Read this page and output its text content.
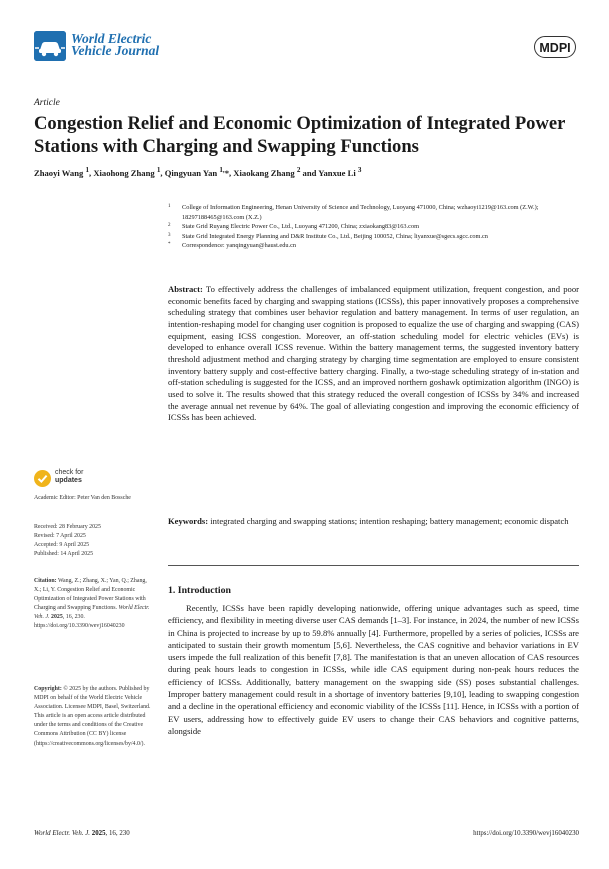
World Electric
Vehicle Journal	MDPI
Article
Congestion Relief and Economic Optimization of Integrated Power Stations with Charging and Swapping Functions
Zhaoyi Wang $^1$, Xiaohong Zhang $^1$, Qingyuan Yan $^{1,}$*, Xiaokang Zhang $^2$ and Yanxue Li $^3$
1 College of Information Engineering, Henan University of Science and Technology, Luoyang 471000, China; wzhaoyi1219@163.com (Z.W.); 18297188465@163.com (X.Z.)
2 State Grid Ruyang Electric Power Co., Ltd., Luoyang 471200, China; zxiaokang83@163.com
3 State Grid Integrated Energy Planning and D&R Institute Co., Ltd., Beijing 100052, China; liyanxue@sgecs.sgcc.com.cn
* Correspondence: yanqingyuan@haust.edu.cn
Abstract: To effectively address the challenges of imbalanced equipment utilization, frequent congestion, and poor economic benefits faced by charging and swapping stations (ICSSs), this paper innovatively proposes a comprehensive scheduling strategy that combines user behavior regulation and battery management. In terms of user regulation, an intention-reshaping model for changing user cognition is proposed to equalize the use of charging and swapping (CAS) equipment, easing ICSS congestion. Moreover, an off-station scheduling model for electric vehicles (EVs) is developed to enhance overall ICSS revenue. Within the battery management terms, the suggested inventory battery threshold adjustment method and charging strategy by charging time segmentation are employed to ensure consistent inventory battery supply and cost-effective battery charging. Finally, a two-stage scheduling strategy of in-station and off-station scheduling is suggested for the ICSS, and an improved northern goshawk optimization algorithm (INGO) is used to solve it. The results showed that this strategy reduced the overall congestion of ICSSs by 34% and increased the average annual net revenue by 64%. The goal of alleviating congestion and improving the economic efficiency of ICSSs has been achieved.
Keywords: integrated charging and swapping stations; intention reshaping; battery management; economic dispatch
1. Introduction

Recently, ICSSs have been rapidly developing nationwide, offering unique advantages such as speed, time efficiency, and flexibility in meeting diverse user CAS demands [1–3]. For instance, in 2024, the number of new ICSSs in China is projected to increase by up to 59.8% annually [4]. Furthermore, propelled by a series of policies, ICSSs are anticipated to sustain their growth momentum [5,6]. Nevertheless, the CAS cognitive and behavior variations in EV users impede the full realization of this benefit [7,8]. The manifestation is that an uneven allocation of CAS resources during peak hours leads to congestion in ICSSs, while idle CAS equipment during non-peak hours reduces the efficiency of ICSSs. Additionally, battery management on the swapping side (SS) poses substantial challenges. Improper battery management could result in a shortage of inventory batteries [9,10], leading to swapping congestion and a decline in the operational efficiency and economic viability of the ICSSs [11]. Hence, in ICSSs with a portion of EV users, addressing how to effectively guide EV users to change their CAS behaviors and cognitive patterns, alongside

check for
updates
Academic Editor: Peter Van den Bossche
Received: 28 February 2025
Revised: 7 April 2025
Accepted: 9 April 2025
Published: 14 April 2025
Citation: Wang, Z.; Zhang, X.; Yan, Q.; Zhang, X.; Li, Y. Congestion Relief and Economic Optimization of Integrated Power Stations with Charging and Swapping Functions. World Electr. Veh. J. 2025, 16, 230. https://doi.org/10.3390/wevj16040230
Copyright: © 2025 by the authors. Published by MDPI on behalf of the World Electric Vehicle Association. Licensee MDPI, Basel, Switzerland. This article is an open access article distributed under the terms and conditions of the Creative Commons Attribution (CC BY) license (https://creativecommons.org/licenses/by/4.0/).
World Electr. Veh. J. 2025, 16, 230	https://doi.org/10.3390/wevj16040230
